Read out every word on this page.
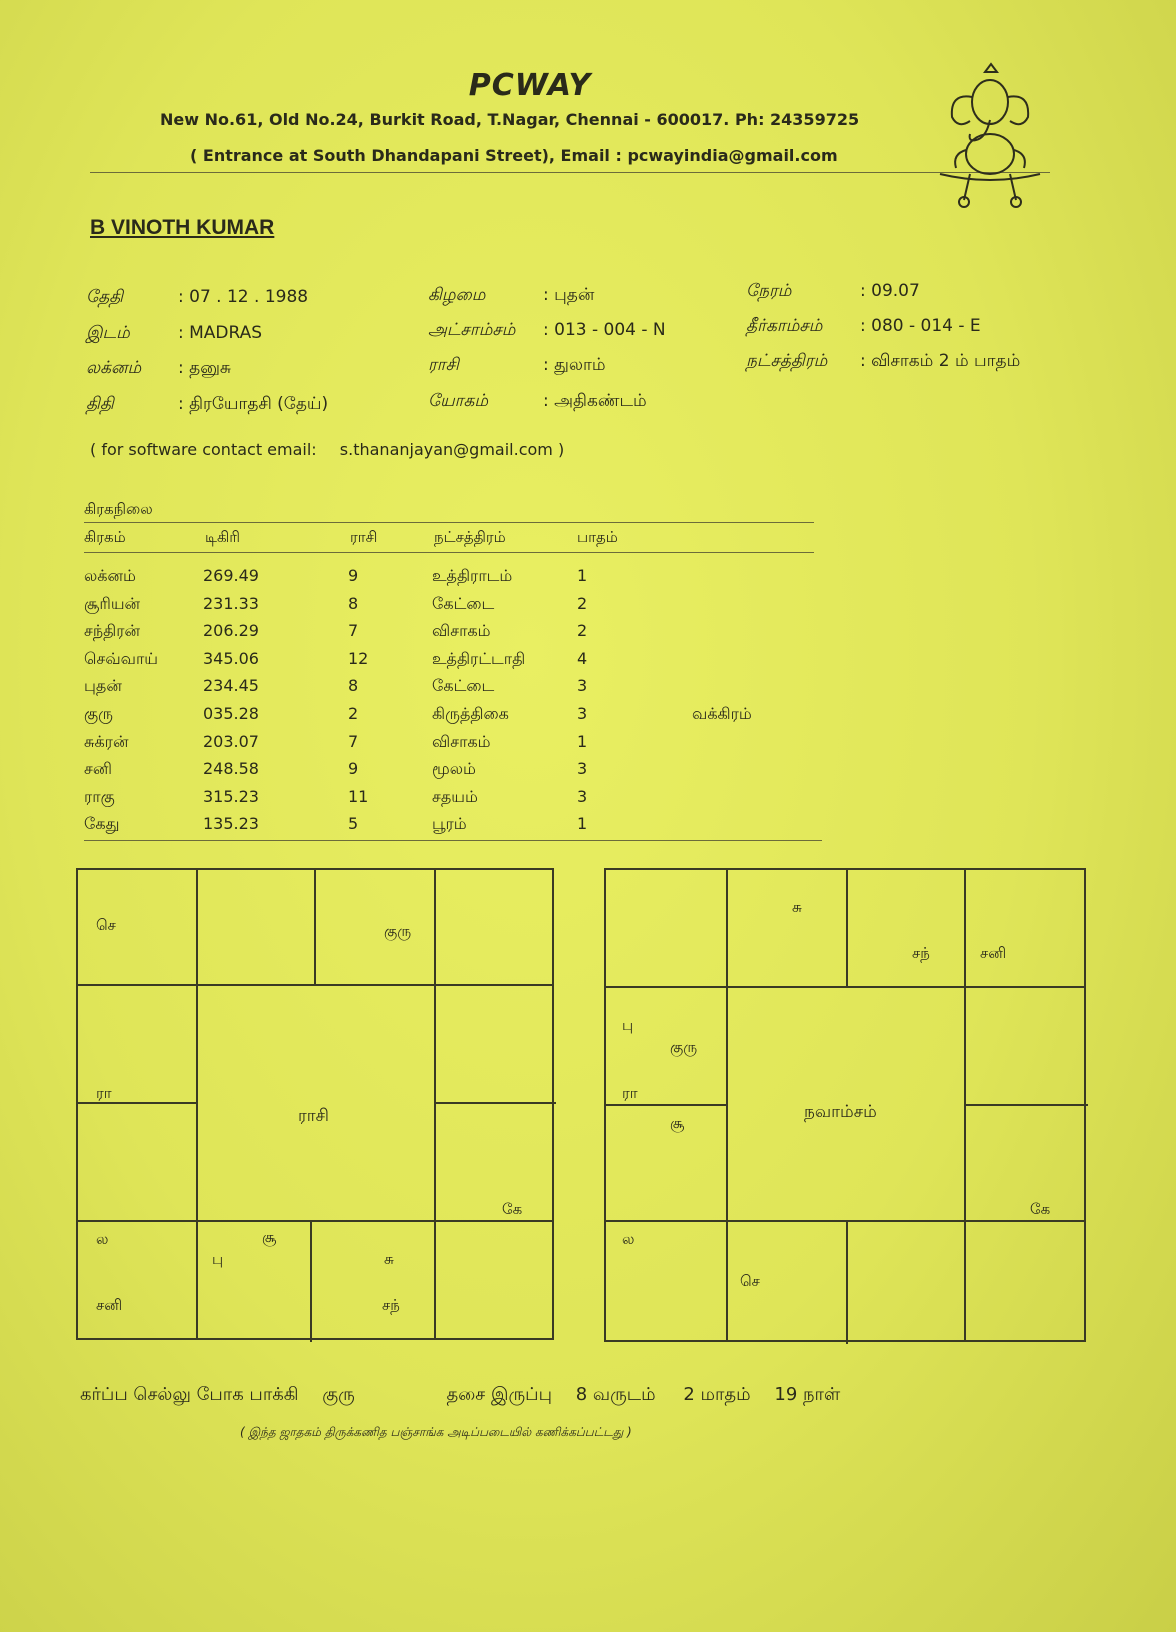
PCWAY
New No.61, Old No.24, Burkit Road, T.Nagar, Chennai - 600017. Ph: 24359725
( Entrance at South Dhandapani Street), Email : pcwayindia@gmail.com
B VINOTH KUMAR
தேதி	: 07 . 12 . 1988	கிழமை	: புதன்	நேரம்	: 09.07
இடம்	: MADRAS	அட்சாம்சம் : 013 - 004 - N	தீர்காம்சம் : 080 - 014 - E
லக்னம் : தனுசு	ராசி	: துலாம்	நட்சத்திரம் : விசாகம் 2 ம் பாதம்
திதி	: திரயோதசி (தேய்)	யோகம்	: அதிகண்டம்
( for software contact email: s.thananjayan@gmail.com )
கிரகநிலை
கிரகம்	டிகிரி	ராசி	நட்சத்திரம்	பாதம்
லக்னம்	269.49	9	உத்திராடம்	1
சூரியன்	231.33	8	கேட்டை	2
சந்திரன்	206.29	7	விசாகம்	2
செவ்வாய்	345.06	12	உத்திரட்டாதி	4
புதன்	234.45	8	கேட்டை	3
குரு	035.28	2	கிருத்திகை	3	வக்கிரம்
சுக்ரன்	203.07	7	விசாகம்	1
சனி	248.58	9	மூலம்	3
ராகு	315.23	11	சதயம்	3
கேது	135.23	5	பூரம்	1
ராசி
செ	குரு
ரா
கே
ல
சனி
பு
சூ
சு
சந்
நவாம்சம்
சு
சந்	சனி
பு
குரு
ரா
சூ
கே
ல
செ
கர்ப்ப செல்லு போக பாக்கி குரு	தசை இருப்பு 8 வருடம் 2 மாதம் 19 நாள்
( இந்த ஜாதகம் திருக்கணித பஞ்சாங்க அடிப்படையில் கணிக்கப்பட்டது )
